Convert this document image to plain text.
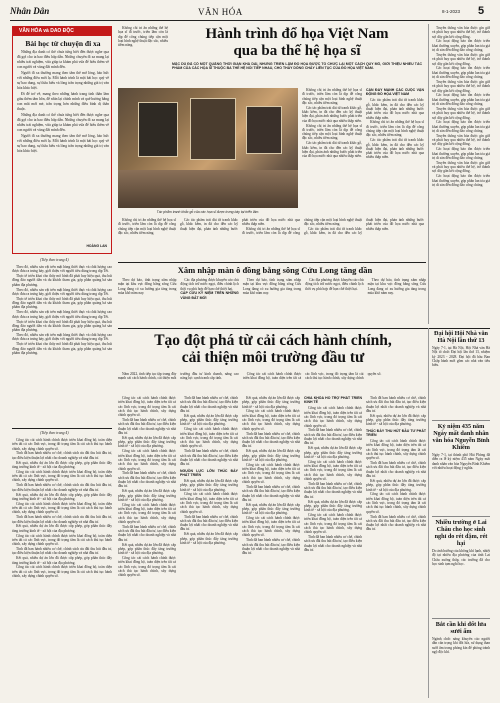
Nhân Dân	VĂN HÓA	8-1-2023 5
VĂN HÓA và DAO ĐỘC
Bài học từ chuyện đi xa

Những địa danh có thể chưa từng biết đến được nghe qua đã gợi cho ta bao điều hấp dẫn. Những chuyến đi xa mang lại nhiều trải nghiệm, vừa giúp ta khám phá vừa để hiểu thêm về con người và vùng đất mình đến.

Người đi xa thường mang theo tâm thế mở lòng, háo hức với những điều mới lạ. Mỗi hành trình là một bài học quý về sự bao dung, sự thấu hiểu và lòng trân trọng những giá trị văn hóa khác biệt.

Đi để trở về, mang theo những hành trang tinh thần làm giàu thêm tâm hồn, để nhìn lại chính mình và quê hương bằng con mắt mới mẻ, trân trọng hơn những điều bình dị thân thuộc.

Những địa danh có thể chưa từng biết đến được nghe qua đã gợi cho ta bao điều hấp dẫn. Những chuyến đi xa mang lại nhiều trải nghiệm, vừa giúp ta khám phá vừa để hiểu thêm về con người và vùng đất mình đến.

Người đi xa thường mang theo tâm thế mở lòng, háo hức với những điều mới lạ. Mỗi hành trình là một bài học quý về sự bao dung, sự thấu hiểu và lòng trân trọng những giá trị văn hóa khác biệt.

HOÀNG LAN
(Tiếp theo trang 4)

Theo đó, nhiều sản vật trên mặt hàng thiết thực và chất lượng cao được đưa ra trưng bày, giới thiệu với người tiêu dùng trong dịp Tết.

Thực tế triển khai cho thấy mô hình đã phát huy hiệu quả, thu hút đông đảo người dân và du khách tham gia, góp phần quảng bá sản phẩm địa phương.

Theo đó, nhiều sản vật trên mặt hàng thiết thực và chất lượng cao được đưa ra trưng bày, giới thiệu với người tiêu dùng trong dịp Tết.

Thực tế triển khai cho thấy mô hình đã phát huy hiệu quả, thu hút đông đảo người dân và du khách tham gia, góp phần quảng bá sản phẩm địa phương.

Theo đó, nhiều sản vật trên mặt hàng thiết thực và chất lượng cao được đưa ra trưng bày, giới thiệu với người tiêu dùng trong dịp Tết.

Thực tế triển khai cho thấy mô hình đã phát huy hiệu quả, thu hút đông đảo người dân và du khách tham gia, góp phần quảng bá sản phẩm địa phương.

Theo đó, nhiều sản vật trên mặt hàng thiết thực và chất lượng cao được đưa ra trưng bày, giới thiệu với người tiêu dùng trong dịp Tết.

Thực tế triển khai cho thấy mô hình đã phát huy hiệu quả, thu hút đông đảo người dân và du khách tham gia, góp phần quảng bá sản phẩm địa phương.

Không chỉ tri ân những thế hệ họa sĩ đi trước, triển lãm còn là dịp để công chúng tiếp cận một loại hình nghệ thuật đặc sắc, nhiều tiềm năng.

Hành trình đổ họa Việt Nam
qua ba thế hệ họa sĩ
MẶC DÙ ĐÃ CÓ MỘT QUÃNG THỜI GIAN KHÁ DÀI, NHƯNG TRIỂN LÃM ĐỒ HỌA ĐƯỢC TỔ CHỨC LẠI MỘT CÁCH QUY MÔ, GIỚI THIỆU NHIỀU TÁC PHẨM CỦA CÁC HỌA SĨ THUỘC BA THẾ HỆ NỐI TIẾP NHAU, CHO THẤY DÒNG CHẢY LIÊN TỤC CỦA ĐỒ HỌA VIỆT NAM.
Tác phẩm tranh khắc gỗ của các họa sĩ được trưng bày tại triển lãm.

Không chỉ tri ân những thế hệ họa sĩ đi trước, triển lãm còn là dịp để công chúng tiếp cận một loại hình nghệ thuật đặc sắc, nhiều tiềm năng.

Các tác phẩm trải dài từ tranh khắc gỗ, khắc kẽm, in đá cho đến các kỹ thuật hiện đại, phản ánh những bước phát triển của đồ họa nước nhà qua nhiều thập niên.

Không chỉ tri ân những thế hệ họa sĩ đi trước, triển lãm còn là dịp để công chúng tiếp cận một loại hình nghệ thuật đặc sắc, nhiều tiềm năng.

Các tác phẩm trải dài từ tranh khắc gỗ, khắc kẽm, in đá cho đến các kỹ thuật hiện đại, phản ánh những bước phát triển của đồ họa nước nhà qua nhiều thập niên.

CẦN ĐẨY MẠNH CÁC CUỘC VẬN ĐỘNG ĐỒ HỌA VIỆT NAM

Các tác phẩm trải dài từ tranh khắc gỗ, khắc kẽm, in đá cho đến các kỹ thuật hiện đại, phản ánh những bước phát triển của đồ họa nước nhà qua nhiều thập niên.

Không chỉ tri ân những thế hệ họa sĩ đi trước, triển lãm còn là dịp để công chúng tiếp cận một loại hình nghệ thuật đặc sắc, nhiều tiềm năng.

Các tác phẩm trải dài từ tranh khắc gỗ, khắc kẽm, in đá cho đến các kỹ thuật hiện đại, phản ánh những bước phát triển của đồ họa nước nhà qua nhiều thập niên.

Không chỉ tri ân những thế hệ họa sĩ đi trước, triển lãm còn là dịp để công chúng tiếp cận một loại hình nghệ thuật đặc sắc, nhiều tiềm năng.

Các tác phẩm trải dài từ tranh khắc gỗ, khắc kẽm, in đá cho đến các kỹ thuật hiện đại, phản ánh những bước phát triển của đồ họa nước nhà qua nhiều thập niên.

Không chỉ tri ân những thế hệ họa sĩ đi trước, triển lãm còn là dịp để công chúng tiếp cận một loại hình nghệ thuật đặc sắc, nhiều tiềm năng.

Các tác phẩm trải dài từ tranh khắc gỗ, khắc kẽm, in đá cho đến các kỹ thuật hiện đại, phản ánh những bước phát triển của đồ họa nước nhà qua nhiều thập niên.

Truyền thống văn hóa được gìn giữ và phát huy qua nhiều thế hệ, trở thành sợi dây gắn kết cộng đồng.

Các hoạt động bảo tồn được triển khai thường xuyên, góp phần lan tỏa giá trị di sản đến đông đảo công chúng.

Truyền thống văn hóa được gìn giữ và phát huy qua nhiều thế hệ, trở thành sợi dây gắn kết cộng đồng.

Các hoạt động bảo tồn được triển khai thường xuyên, góp phần lan tỏa giá trị di sản đến đông đảo công chúng.

Truyền thống văn hóa được gìn giữ và phát huy qua nhiều thế hệ, trở thành sợi dây gắn kết cộng đồng.

Các hoạt động bảo tồn được triển khai thường xuyên, góp phần lan tỏa giá trị di sản đến đông đảo công chúng.

Truyền thống văn hóa được gìn giữ và phát huy qua nhiều thế hệ, trở thành sợi dây gắn kết cộng đồng.

Các hoạt động bảo tồn được triển khai thường xuyên, góp phần lan tỏa giá trị di sản đến đông đảo công chúng.

Truyền thống văn hóa được gìn giữ và phát huy qua nhiều thế hệ, trở thành sợi dây gắn kết cộng đồng.

Các hoạt động bảo tồn được triển khai thường xuyên, góp phần lan tỏa giá trị di sản đến đông đảo công chúng.

Truyền thống văn hóa được gìn giữ và phát huy qua nhiều thế hệ, trở thành sợi dây gắn kết cộng đồng.

Các hoạt động bảo tồn được triển khai thường xuyên, góp phần lan tỏa giá trị di sản đến đông đảo công chúng.

Xâm nhập màn ô đồng bằng sông Cửu Long tăng dần

Theo dự báo, tình trạng xâm nhập mặn tại khu vực đồng bằng sông Cửu Long đang có xu hướng gia tăng trong mùa khô năm nay.

Các địa phương được khuyến cáo chủ động tích trữ nước ngọt, điều chỉnh lịch thời vụ phù hợp để hạn chế thiệt hại.

CẤP CỨU KỶ NIỆM TRÊN NHỮNG VÙNG ĐẤT MỚI

Theo dự báo, tình trạng xâm nhập mặn tại khu vực đồng bằng sông Cửu Long đang có xu hướng gia tăng trong mùa khô năm nay.

Các địa phương được khuyến cáo chủ động tích trữ nước ngọt, điều chỉnh lịch thời vụ phù hợp để hạn chế thiệt hại.

Theo dự báo, tình trạng xâm nhập mặn tại khu vực đồng bằng sông Cửu Long đang có xu hướng gia tăng trong mùa khô năm nay.

Tạo đột phá từ cải cách hành chính,
cải thiện môi trường đầu tư

Năm 2022, tỉnh tiếp tục tập trung đẩy mạnh cải cách hành chính, cải thiện môi trường đầu tư kinh doanh, nâng cao năng lực cạnh tranh cấp tỉnh.

Công tác cải cách hành chính được triển khai đồng bộ, toàn diện trên tất cả các lĩnh vực, trong đó trọng tâm là cải cách thủ tục hành chính, xây dựng chính quyền số.

Công tác cải cách hành chính được triển khai đồng bộ, toàn diện trên tất cả các lĩnh vực, trong đó trọng tâm là cải cách thủ tục hành chính, xây dựng chính quyền số.

Tỉnh đã ban hành nhiều cơ chế, chính sách ưu đãi thu hút đầu tư, tạo điều kiện thuận lợi nhất cho doanh nghiệp và nhà đầu tư.

Kết quả, nhiều dự án lớn đã được cấp phép, góp phần thúc đẩy tăng trưởng kinh tế - xã hội của địa phương.

Công tác cải cách hành chính được triển khai đồng bộ, toàn diện trên tất cả các lĩnh vực, trong đó trọng tâm là cải cách thủ tục hành chính, xây dựng chính quyền số.

Tỉnh đã ban hành nhiều cơ chế, chính sách ưu đãi thu hút đầu tư, tạo điều kiện thuận lợi nhất cho doanh nghiệp và nhà đầu tư.

Kết quả, nhiều dự án lớn đã được cấp phép, góp phần thúc đẩy tăng trưởng kinh tế - xã hội của địa phương.

Công tác cải cách hành chính được triển khai đồng bộ, toàn diện trên tất cả các lĩnh vực, trong đó trọng tâm là cải cách thủ tục hành chính, xây dựng chính quyền số.

Tỉnh đã ban hành nhiều cơ chế, chính sách ưu đãi thu hút đầu tư, tạo điều kiện thuận lợi nhất cho doanh nghiệp và nhà đầu tư.

Kết quả, nhiều dự án lớn đã được cấp phép, góp phần thúc đẩy tăng trưởng kinh tế - xã hội của địa phương.

Công tác cải cách hành chính được triển khai đồng bộ, toàn diện trên tất cả các lĩnh vực, trong đó trọng tâm là cải cách thủ tục hành chính, xây dựng chính quyền số.

Tỉnh đã ban hành nhiều cơ chế, chính sách ưu đãi thu hút đầu tư, tạo điều kiện thuận lợi nhất cho doanh nghiệp và nhà đầu tư.

Kết quả, nhiều dự án lớn đã được cấp phép, góp phần thúc đẩy tăng trưởng kinh tế - xã hội của địa phương.

Công tác cải cách hành chính được triển khai đồng bộ, toàn diện trên tất cả các lĩnh vực, trong đó trọng tâm là cải cách thủ tục hành chính, xây dựng chính quyền số.

Tỉnh đã ban hành nhiều cơ chế, chính sách ưu đãi thu hút đầu tư, tạo điều kiện thuận lợi nhất cho doanh nghiệp và nhà đầu tư.

NGUỒN LỰC LỚN THÚC ĐẨY PHÁT TRIỂN

Kết quả, nhiều dự án lớn đã được cấp phép, góp phần thúc đẩy tăng trưởng kinh tế - xã hội của địa phương.

Công tác cải cách hành chính được triển khai đồng bộ, toàn diện trên tất cả các lĩnh vực, trong đó trọng tâm là cải cách thủ tục hành chính, xây dựng chính quyền số.

Tỉnh đã ban hành nhiều cơ chế, chính sách ưu đãi thu hút đầu tư, tạo điều kiện thuận lợi nhất cho doanh nghiệp và nhà đầu tư.

Kết quả, nhiều dự án lớn đã được cấp phép, góp phần thúc đẩy tăng trưởng kinh tế - xã hội của địa phương.

Kết quả, nhiều dự án lớn đã được cấp phép, góp phần thúc đẩy tăng trưởng kinh tế - xã hội của địa phương.

Công tác cải cách hành chính được triển khai đồng bộ, toàn diện trên tất cả các lĩnh vực, trong đó trọng tâm là cải cách thủ tục hành chính, xây dựng chính quyền số.

Tỉnh đã ban hành nhiều cơ chế, chính sách ưu đãi thu hút đầu tư, tạo điều kiện thuận lợi nhất cho doanh nghiệp và nhà đầu tư.

Kết quả, nhiều dự án lớn đã được cấp phép, góp phần thúc đẩy tăng trưởng kinh tế - xã hội của địa phương.

Công tác cải cách hành chính được triển khai đồng bộ, toàn diện trên tất cả các lĩnh vực, trong đó trọng tâm là cải cách thủ tục hành chính, xây dựng chính quyền số.

Tỉnh đã ban hành nhiều cơ chế, chính sách ưu đãi thu hút đầu tư, tạo điều kiện thuận lợi nhất cho doanh nghiệp và nhà đầu tư.

Kết quả, nhiều dự án lớn đã được cấp phép, góp phần thúc đẩy tăng trưởng kinh tế - xã hội của địa phương.

Công tác cải cách hành chính được triển khai đồng bộ, toàn diện trên tất cả các lĩnh vực, trong đó trọng tâm là cải cách thủ tục hành chính, xây dựng chính quyền số.

Tỉnh đã ban hành nhiều cơ chế, chính sách ưu đãi thu hút đầu tư, tạo điều kiện thuận lợi nhất cho doanh nghiệp và nhà đầu tư.

CHIA KHÓA HỖ TRỢ PHÁT TRIỂN KINH TẾ

Công tác cải cách hành chính được triển khai đồng bộ, toàn diện trên tất cả các lĩnh vực, trong đó trọng tâm là cải cách thủ tục hành chính, xây dựng chính quyền số.

Tỉnh đã ban hành nhiều cơ chế, chính sách ưu đãi thu hút đầu tư, tạo điều kiện thuận lợi nhất cho doanh nghiệp và nhà đầu tư.

Kết quả, nhiều dự án lớn đã được cấp phép, góp phần thúc đẩy tăng trưởng kinh tế - xã hội của địa phương.

Công tác cải cách hành chính được triển khai đồng bộ, toàn diện trên tất cả các lĩnh vực, trong đó trọng tâm là cải cách thủ tục hành chính, xây dựng chính quyền số.

Tỉnh đã ban hành nhiều cơ chế, chính sách ưu đãi thu hút đầu tư, tạo điều kiện thuận lợi nhất cho doanh nghiệp và nhà đầu tư.

Kết quả, nhiều dự án lớn đã được cấp phép, góp phần thúc đẩy tăng trưởng kinh tế - xã hội của địa phương.

Công tác cải cách hành chính được triển khai đồng bộ, toàn diện trên tất cả các lĩnh vực, trong đó trọng tâm là cải cách thủ tục hành chính, xây dựng chính quyền số.

Tỉnh đã ban hành nhiều cơ chế, chính sách ưu đãi thu hút đầu tư, tạo điều kiện thuận lợi nhất cho doanh nghiệp và nhà đầu tư.

Tỉnh đã ban hành nhiều cơ chế, chính sách ưu đãi thu hút đầu tư, tạo điều kiện thuận lợi nhất cho doanh nghiệp và nhà đầu tư.

Kết quả, nhiều dự án lớn đã được cấp phép, góp phần thúc đẩy tăng trưởng kinh tế - xã hội của địa phương.

THÚC ĐẨY THU HÚT ĐẦU TƯ PHÁT TRIỂN

Công tác cải cách hành chính được triển khai đồng bộ, toàn diện trên tất cả các lĩnh vực, trong đó trọng tâm là cải cách thủ tục hành chính, xây dựng chính quyền số.

Tỉnh đã ban hành nhiều cơ chế, chính sách ưu đãi thu hút đầu tư, tạo điều kiện thuận lợi nhất cho doanh nghiệp và nhà đầu tư.

Kết quả, nhiều dự án lớn đã được cấp phép, góp phần thúc đẩy tăng trưởng kinh tế - xã hội của địa phương.

Công tác cải cách hành chính được triển khai đồng bộ, toàn diện trên tất cả các lĩnh vực, trong đó trọng tâm là cải cách thủ tục hành chính, xây dựng chính quyền số.

Tỉnh đã ban hành nhiều cơ chế, chính sách ưu đãi thu hút đầu tư, tạo điều kiện thuận lợi nhất cho doanh nghiệp và nhà đầu tư.

Đại hội Hội Nhà văn Hà Nội lần thứ 13
Ngày 7-1, tại Hà Nội, Hội Nhà văn Hà Nội tổ chức Đại hội lần thứ 13, nhiệm kỳ 2023 - 2028. Đại hội đã bầu Ban Chấp hành mới gồm các nhà văn tiêu biểu.
Kỷ niệm 435 năm Ngày mất danh nhân văn hóa Nguyễn Bỉnh Khiêm
Ngày 7-1, tại thành phố Hải Phòng đã diễn ra lễ kỷ niệm 435 năm Ngày mất danh nhân văn hóa Nguyễn Bỉnh Khiêm với nhiều hoạt động ý nghĩa.
Nhiều trường ở Lai Châu cho học sinh nghỉ do rét đậm, rét hại
Do ảnh hưởng của không khí lạnh, nhiệt độ tại nhiều địa phương của tỉnh Lai Châu xuống thấp, các trường đã cho học sinh tạm nghỉ học.
Bắt cần khi đốt lửa sưởi ấm
Ngành chức năng khuyến cáo người dân cẩn trọng khi đốt lửa, sử dụng than sưởi ấm trong phòng kín để phòng tránh ngộ độc khí.
(Tiếp theo trang 4)

Công tác cải cách hành chính được triển khai đồng bộ, toàn diện trên tất cả các lĩnh vực, trong đó trọng tâm là cải cách thủ tục hành chính, xây dựng chính quyền số.

Tỉnh đã ban hành nhiều cơ chế, chính sách ưu đãi thu hút đầu tư, tạo điều kiện thuận lợi nhất cho doanh nghiệp và nhà đầu tư.

Kết quả, nhiều dự án lớn đã được cấp phép, góp phần thúc đẩy tăng trưởng kinh tế - xã hội của địa phương.

Công tác cải cách hành chính được triển khai đồng bộ, toàn diện trên tất cả các lĩnh vực, trong đó trọng tâm là cải cách thủ tục hành chính, xây dựng chính quyền số.

Tỉnh đã ban hành nhiều cơ chế, chính sách ưu đãi thu hút đầu tư, tạo điều kiện thuận lợi nhất cho doanh nghiệp và nhà đầu tư.

Kết quả, nhiều dự án lớn đã được cấp phép, góp phần thúc đẩy tăng trưởng kinh tế - xã hội của địa phương.

Công tác cải cách hành chính được triển khai đồng bộ, toàn diện trên tất cả các lĩnh vực, trong đó trọng tâm là cải cách thủ tục hành chính, xây dựng chính quyền số.

Tỉnh đã ban hành nhiều cơ chế, chính sách ưu đãi thu hút đầu tư, tạo điều kiện thuận lợi nhất cho doanh nghiệp và nhà đầu tư.

Kết quả, nhiều dự án lớn đã được cấp phép, góp phần thúc đẩy tăng trưởng kinh tế - xã hội của địa phương.

Công tác cải cách hành chính được triển khai đồng bộ, toàn diện trên tất cả các lĩnh vực, trong đó trọng tâm là cải cách thủ tục hành chính, xây dựng chính quyền số.

Tỉnh đã ban hành nhiều cơ chế, chính sách ưu đãi thu hút đầu tư, tạo điều kiện thuận lợi nhất cho doanh nghiệp và nhà đầu tư.

Kết quả, nhiều dự án lớn đã được cấp phép, góp phần thúc đẩy tăng trưởng kinh tế - xã hội của địa phương.

Công tác cải cách hành chính được triển khai đồng bộ, toàn diện trên tất cả các lĩnh vực, trong đó trọng tâm là cải cách thủ tục hành chính, xây dựng chính quyền số.
